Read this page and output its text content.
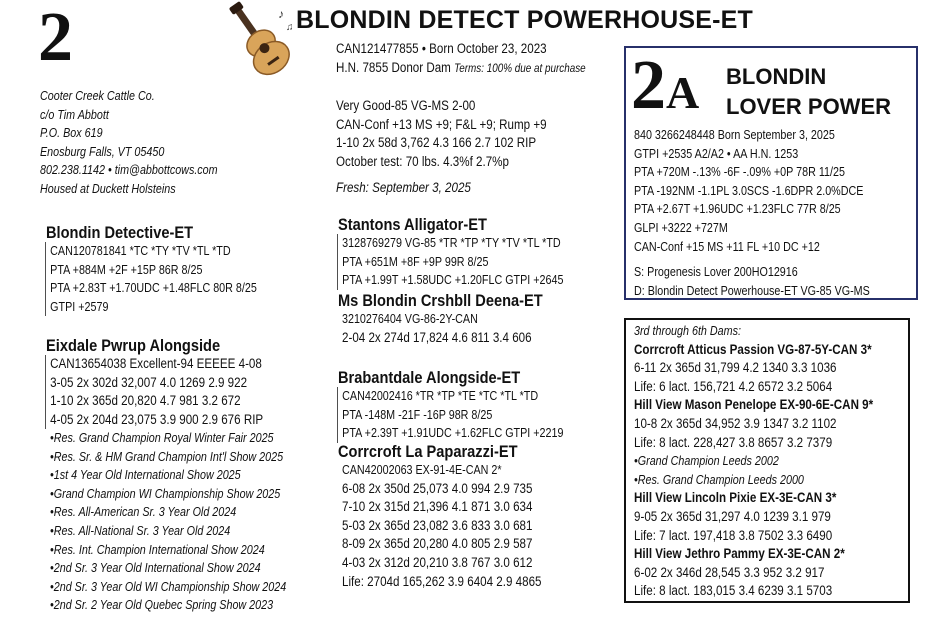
2	♪
♫ BLONDIN DETECT POWERHOUSE-ET
Cooter Creek Cattle Co.
c/o Tim Abbott
P.O. Box 619
Enosburg Falls, VT 05450
802.238.1142 • tim@abbottcows.com
Housed at Duckett Holsteins
CAN121477855 • Born October 23, 2023
H.N. 7855 Donor Dam Terms: 100% due at purchase
Very Good-85 VG-MS 2-00
CAN-Conf +13 MS +9; F&L +9; Rump +9
1-10 2x 58d 3,762 4.3 166 2.7 102 RIP
October test: 70 lbs. 4.3%f 2.7%p
Fresh: September 3, 2025
Blondin Detective-ET
CAN120781841 *TC *TY *TV *TL *TD
PTA +884M +2F +15P 86R 8/25
PTA +2.83T +1.70UDC +1.48FLC 80R 8/25
GTPI +2579
Eixdale Pwrup Alongside
CAN13654038 Excellent-94 EEEEE 4-08
3-05 2x 302d 32,007 4.0 1269 2.9 922
1-10 2x 365d 20,820 4.7 981 3.2 672
4-05 2x 204d 23,075 3.9 900 2.9 676 RIP
•Res. Grand Champion Royal Winter Fair 2025
•Res. Sr. & HM Grand Champion Int'l Show 2025
•1st 4 Year Old International Show 2025
•Grand Champion WI Championship Show 2025
•Res. All-American Sr. 3 Year Old 2024
•Res. All-National Sr. 3 Year Old 2024
•Res. Int. Champion International Show 2024
•2nd Sr. 3 Year Old International Show 2024
•2nd Sr. 3 Year Old WI Championship Show 2024
•2nd Sr. 2 Year Old Quebec Spring Show 2023
Stantons Alligator-ET
3128769279 VG-85 *TR *TP *TY *TV *TL *TD
PTA +651M +8F +9P 99R 8/25
PTA +1.99T +1.58UDC +1.20FLC GTPI +2645
Ms Blondin Crshbll Deena-ET
3210276404 VG-86-2Y-CAN
2-04 2x 274d 17,824 4.6 811 3.4 606
Brabantdale Alongside-ET
CAN42002416 *TR *TP *TE *TC *TL *TD
PTA -148M -21F -16P 98R 8/25
PTA +2.39T +1.91UDC +1.62FLC GTPI +2219
Corrcroft La Paparazzi-ET
CAN42002063 EX-91-4E-CAN 2*
6-08 2x 350d 25,073 4.0 994 2.9 735
7-10 2x 315d 21,396 4.1 871 3.0 634
5-03 2x 365d 23,082 3.6 833 3.0 681
8-09 2x 365d 20,280 4.0 805 2.9 587
4-03 2x 312d 20,210 3.8 767 3.0 612
Life: 2704d 165,262 3.9 6404 2.9 4865
2A BLONDIN
LOVER POWER
840 3266248448 Born September 3, 2025
GTPI +2535 A2/A2 • AA H.N. 1253
PTA +720M -.13% -6F -.09% +0P 78R 11/25
PTA -192NM -1.1PL 3.0SCS -1.6DPR 2.0%DCE
PTA +2.67T +1.96UDC +1.23FLC 77R 8/25
GLPI +3222 +727M
CAN-Conf +15 MS +11 FL +10 DC +12
S: Progenesis Lover 200HO12916
D: Blondin Detect Powerhouse-ET VG-85 VG-MS
3rd through 6th Dams:
Corrcroft Atticus Passion VG-87-5Y-CAN 3*
6-11 2x 365d 31,799 4.2 1340 3.3 1036
Life: 6 lact. 156,721 4.2 6572 3.2 5064
Hill View Mason Penelope EX-90-6E-CAN 9*
10-8 2x 365d 34,952 3.9 1347 3.2 1102
Life: 8 lact. 228,427 3.8 8657 3.2 7379
•Grand Champion Leeds 2002
•Res. Grand Champion Leeds 2000
Hill View Lincoln Pixie EX-3E-CAN 3*
9-05 2x 365d 31,297 4.0 1239 3.1 979
Life: 7 lact. 197,418 3.8 7502 3.3 6490
Hill View Jethro Pammy EX-3E-CAN 2*
6-02 2x 346d 28,545 3.3 952 3.2 917
Life: 8 lact. 183,015 3.4 6239 3.1 5703
